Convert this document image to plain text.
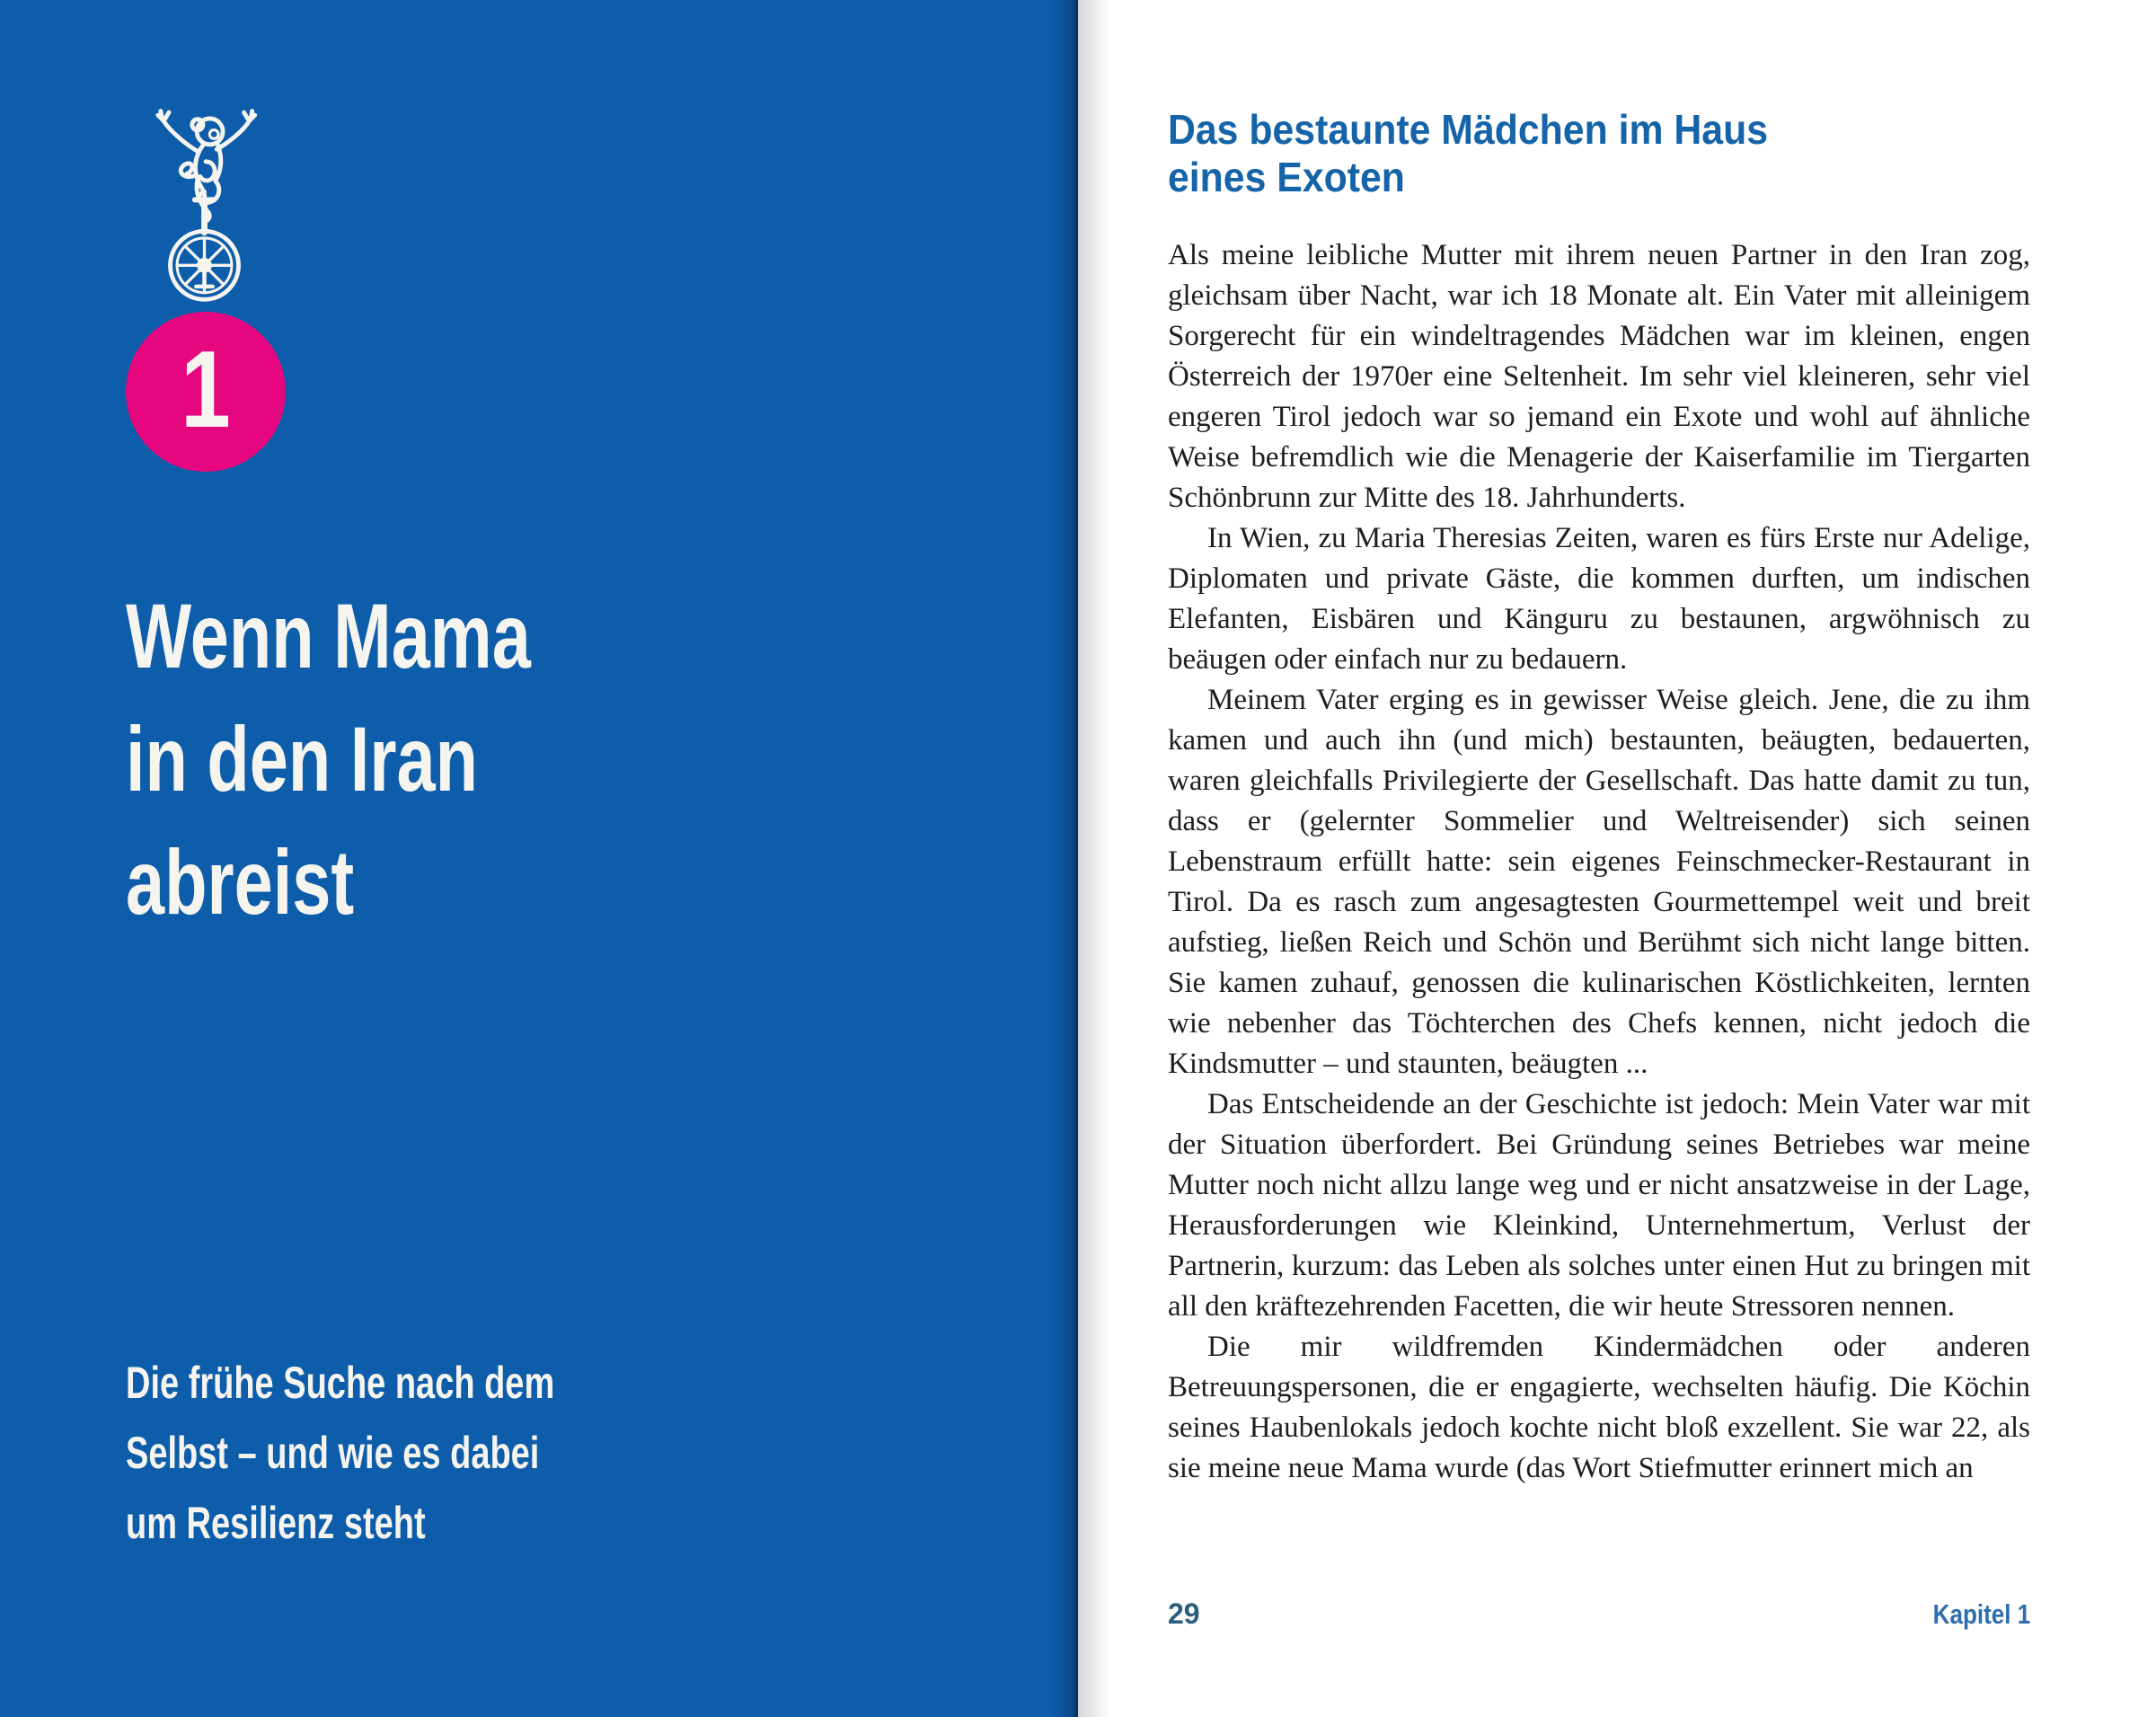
1
Wenn Mama
in den Iran
abreist
Die frühe Suche nach dem
Selbst – und wie es dabei
um Resilienz steht
Das bestaunte Mädchen im Haus
eines Exoten

Als meine leibliche Mutter mit ihrem neuen Partner in den Iran zog, gleichsam über Nacht, war ich 18 Monate alt. Ein Vater mit alleinigem Sorgerecht für ein windeltragendes Mädchen war im kleinen, engen Österreich der 1970er eine Seltenheit. Im sehr viel kleineren, sehr viel engeren Tirol jedoch war so jemand ein Exote und wohl auf ähnliche Weise befremdlich wie die Menagerie der Kaiserfamilie im Tiergarten Schönbrunn zur Mitte des 18. Jahrhunderts.

In Wien, zu Maria Theresias Zeiten, waren es fürs Erste nur Adelige, Diplomaten und private Gäste, die kommen durften, um indischen Elefanten, Eisbären und Känguru zu bestaunen, argwöhnisch zu beäugen oder einfach nur zu bedauern.

Meinem Vater erging es in gewisser Weise gleich. Jene, die zu ihm kamen und auch ihn (und mich) bestaunten, beäugten, bedauerten, waren gleichfalls Privilegierte der Gesellschaft. Das hatte damit zu tun, dass er (gelernter Sommelier und Weltreisender) sich seinen Lebenstraum erfüllt hatte: sein eigenes Feinschmecker-Restaurant in Tirol. Da es rasch zum angesagtesten Gourmettempel weit und breit aufstieg, ließen Reich und Schön und Berühmt sich nicht lange bitten. Sie kamen zuhauf, genossen die kulinarischen Köstlichkeiten, lernten wie nebenher das Töchterchen des Chefs kennen, nicht jedoch die Kindsmutter – und staunten, beäugten ...

Das Entscheidende an der Geschichte ist jedoch: Mein Vater war mit der Situation überfordert. Bei Gründung seines Betriebes war meine Mutter noch nicht allzu lange weg und er nicht ansatzweise in der Lage, Herausforderungen wie Kleinkind, Unternehmertum, Verlust der Partnerin, kurzum: das Leben als solches unter einen Hut zu bringen mit all den kräftezehrenden Facetten, die wir heute Stressoren nennen.

Die mir wildfremden Kindermädchen oder anderen Betreuungspersonen, die er engagierte, wechselten häufig. Die Köchin seines Haubenlokals jedoch kochte nicht bloß exzellent. Sie war 22, als sie meine neue Mama wurde (das Wort Stiefmutter erinnert mich an

29	Kapitel 1
